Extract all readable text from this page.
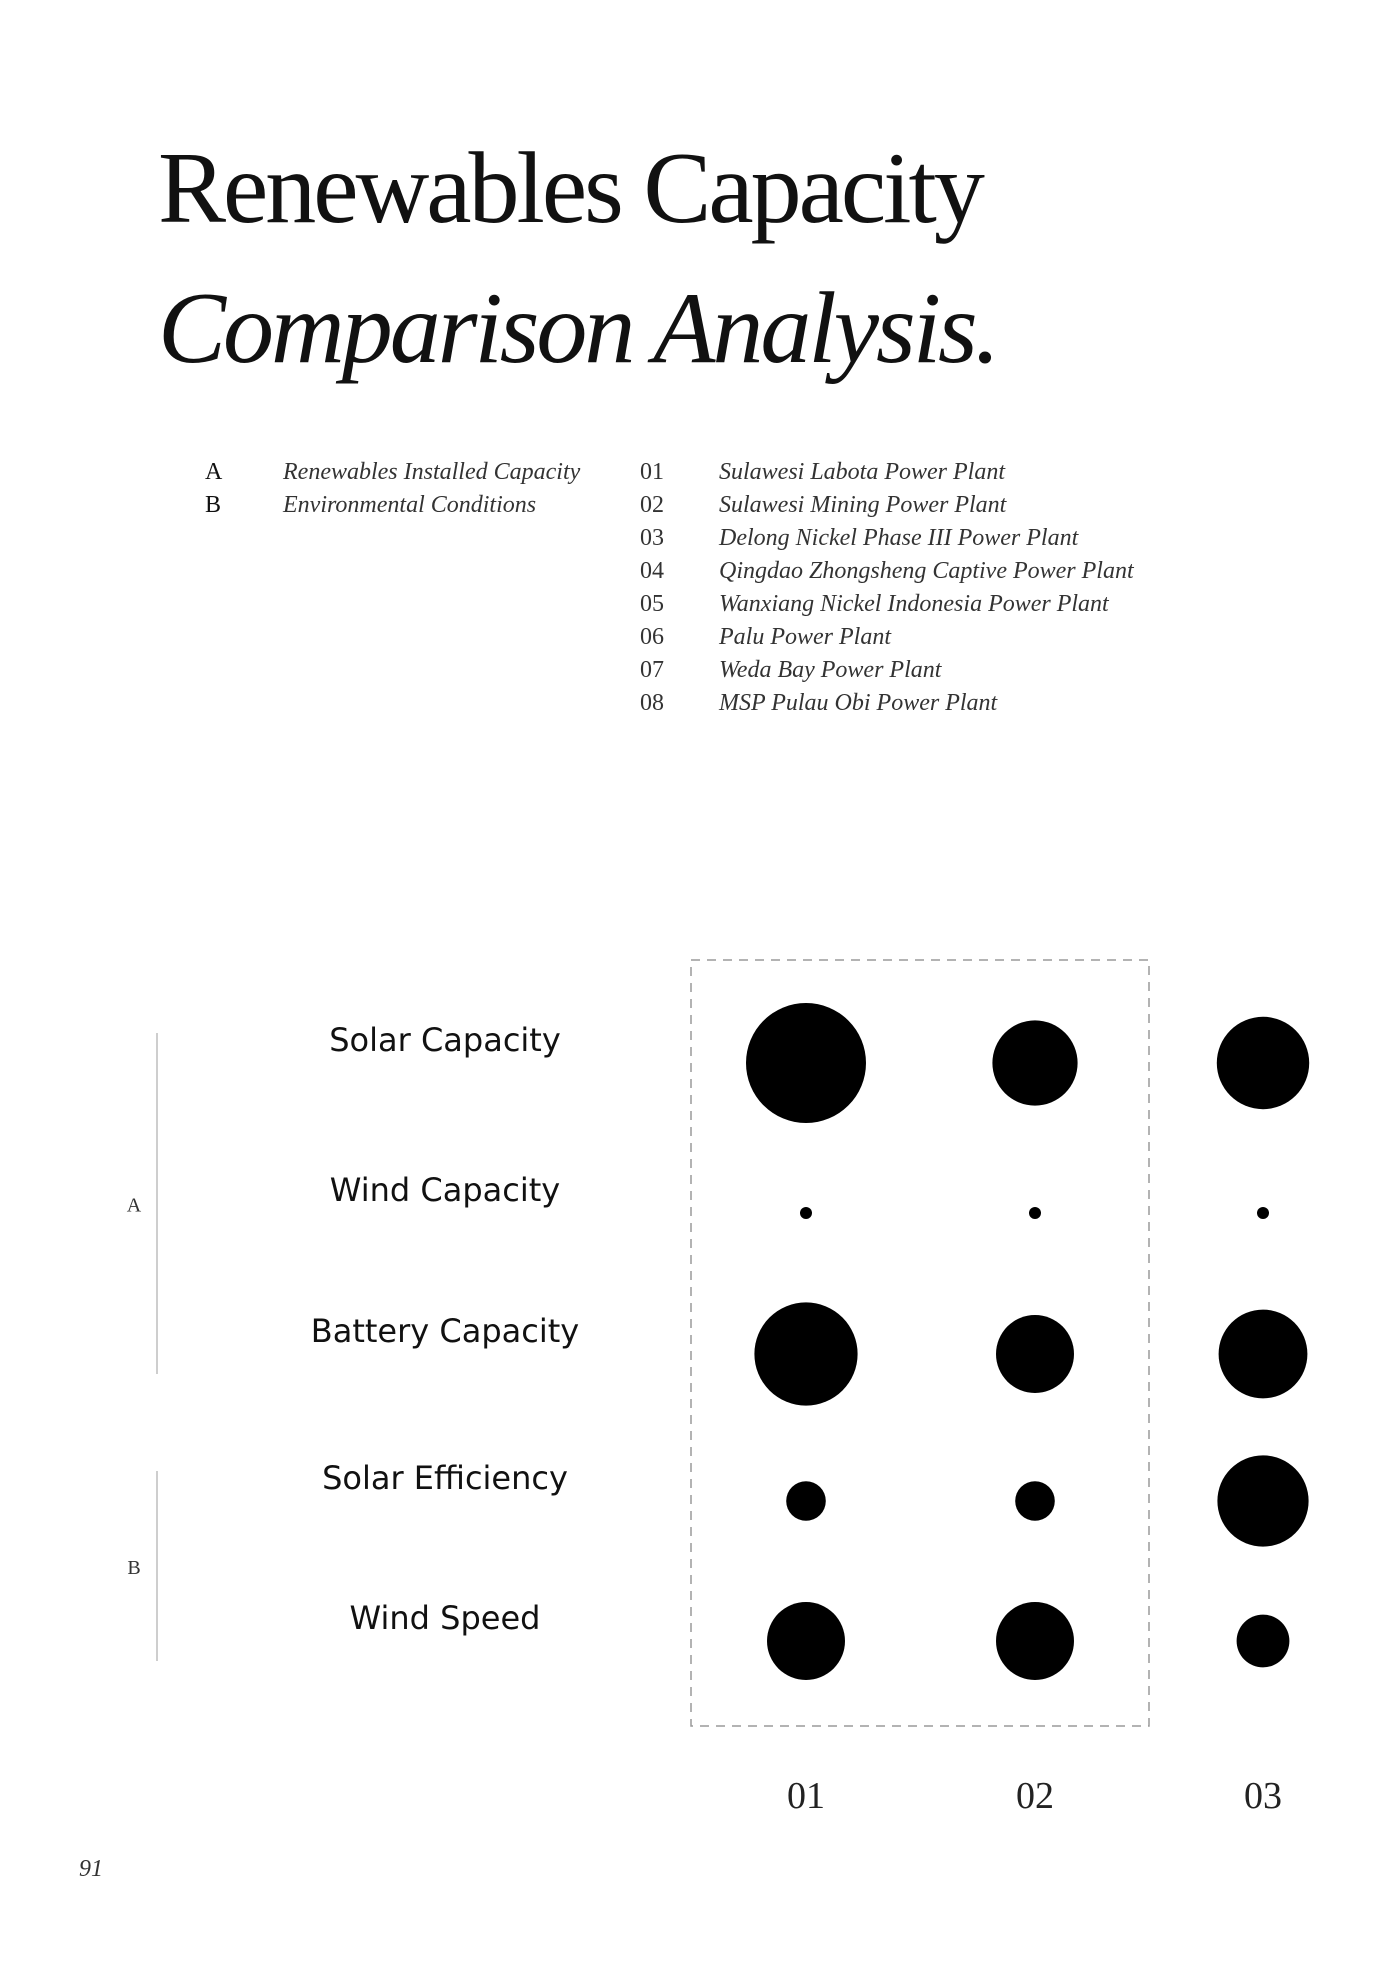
Renewables Capacity
Comparison Analysis.
A	Renewables Installed Capacity
B	Environmental Conditions
01	Sulawesi Labota Power Plant
02	Sulawesi Mining Power Plant
03	Delong Nickel Phase III Power Plant
04	Qingdao Zhongsheng Captive Power Plant
05	Wanxiang Nickel Indonesia Power Plant
06	Palu Power Plant
07	Weda Bay Power Plant
08	MSP Pulau Obi Power Plant
Solar Capacity
Wind Capacity
Battery Capacity
Solar Efficiency
Wind Speed
A
B
01	02	03
91
